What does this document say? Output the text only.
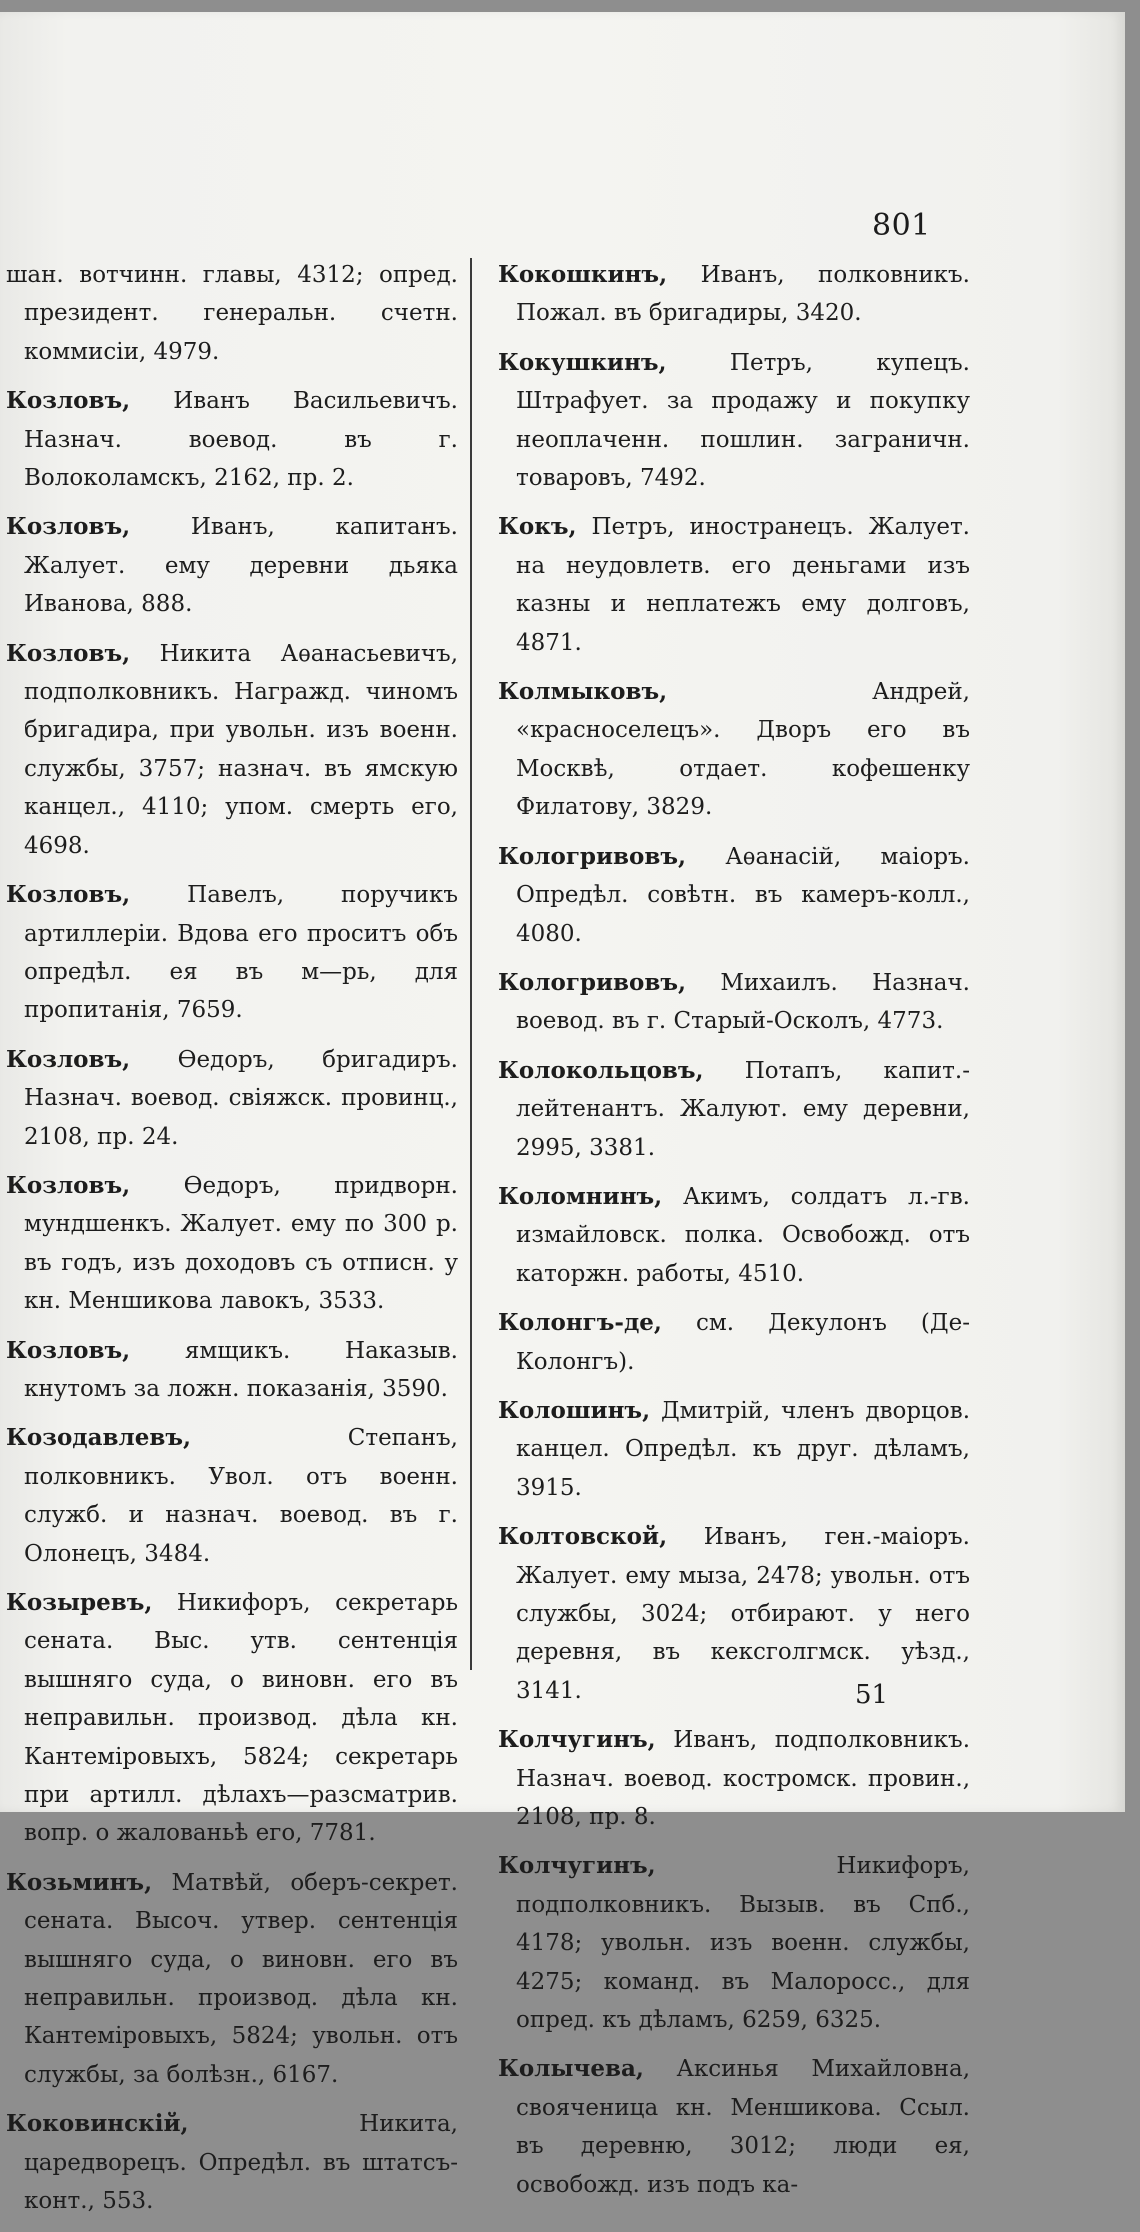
801
шан. вотчинн. главы, 4312; опред. президент. генеральн. счетн. коммисіи, 4979.
Козловъ, Иванъ Васильевичъ. Назнач. воевод. въ г. Волоколамскъ, 2162, пр. 2.
Козловъ, Иванъ, капитанъ. Жалует. ему деревни дьяка Иванова, 888.
Козловъ, Никита Аѳанасьевичъ, подполковникъ. Награжд. чиномъ бригадира, при увольн. изъ военн. службы, 3757; назнач. въ ямскую канцел., 4110; упом. смерть его, 4698.
Козловъ, Павелъ, поручикъ артиллеріи. Вдова его проситъ объ опредѣл. ея въ м—рь, для пропитанія, 7659.
Козловъ, Ѳедоръ, бригадиръ. Назнач. воевод. свіяжск. провинц., 2108, пр. 24.
Козловъ, Ѳедоръ, придворн. мундшенкъ. Жалует. ему по 300 р. въ годъ, изъ доходовъ съ отписн. у кн. Меншикова лавокъ, 3533.
Козловъ, ямщикъ. Наказыв. кнутомъ за ложн. показанія, 3590.
Козодавлевъ, Степанъ, полковникъ. Увол. отъ военн. служб. и назнач. воевод. въ г. Олонецъ, 3484.
Козыревъ, Никифоръ, секретарь сената. Выс. утв. сентенція вышняго суда, о виновн. его въ неправильн. производ. дѣла кн. Кантеміровыхъ, 5824; секретарь при артилл. дѣлахъ—разсматрив. вопр. о жалованьѣ его, 7781.
Козьминъ, Матвѣй, оберъ-секрет. сената. Высоч. утвер. сентенція вышняго суда, о виновн. его въ неправильн. производ. дѣла кн. Кантеміровыхъ, 5824; увольн. отъ службы, за болѣзн., 6167.
Коковинскій, Никита, царедворецъ. Опредѣл. въ штатсъ-конт., 553.
Кокошкинъ, Иванъ, полковникъ. Пожал. въ бригадиры, 3420.
Кокушкинъ, Петръ, купецъ. Штрафует. за продажу и покупку неоплаченн. пошлин. заграничн. товаровъ, 7492.
Кокъ, Петръ, иностранецъ. Жалует. на неудовлетв. его деньгами изъ казны и неплатежъ ему долговъ, 4871.
Колмыковъ, Андрей, «красноселецъ». Дворъ его въ Москвѣ, отдает. кофешенку Филатову, 3829.
Кологривовъ, Аѳанасій, маіоръ. Опредѣл. совѣтн. въ камеръ-колл., 4080.
Кологривовъ, Михаилъ. Назнач. воевод. въ г. Старый-Осколъ, 4773.
Колокольцовъ, Потапъ, капит.-лейтенантъ. Жалуют. ему деревни, 2995, 3381.
Коломнинъ, Акимъ, солдатъ л.-гв. измайловск. полка. Освобожд. отъ каторжн. работы, 4510.
Колонгъ-де, см. Декулонъ (Де-Колонгъ).
Колошинъ, Дмитрій, членъ дворцов. канцел. Опредѣл. къ друг. дѣламъ, 3915.
Колтовской, Иванъ, ген.-маіоръ. Жалует. ему мыза, 2478; увольн. отъ службы, 3024; отбирают. у него деревня, въ кексголгмск. уѣзд., 3141.
Колчугинъ, Иванъ, подполковникъ. Назнач. воевод. костромск. провин., 2108, пр. 8.
Колчугинъ, Никифоръ, подполковникъ. Вызыв. въ Спб., 4178; увольн. изъ военн. службы, 4275; команд. въ Малоросс., для опред. къ дѣламъ, 6259, 6325.
Колычева, Аксинья Михайловна, свояченица кн. Меншикова. Ссыл. въ деревню, 3012; люди ея, освобожд. изъ подъ ка-
51
